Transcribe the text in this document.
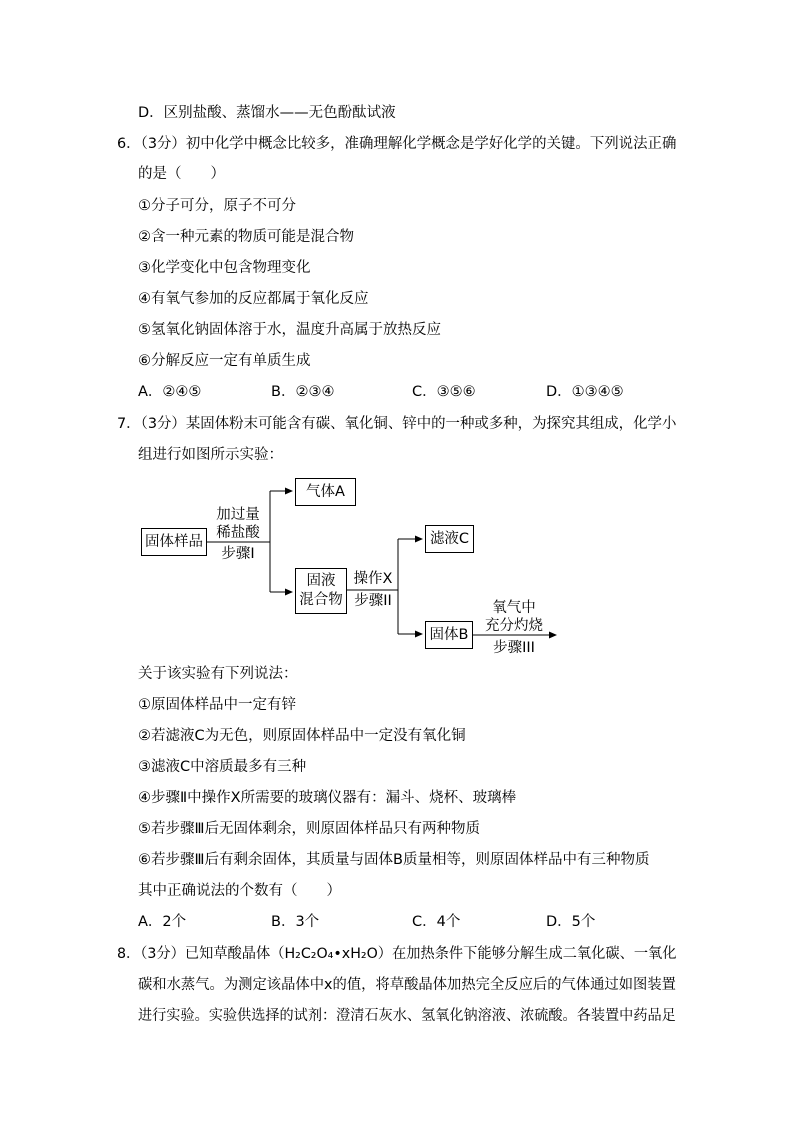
D．区别盐酸、蒸馏水——无色酚酞试液
6．（3分）初中化学中概念比较多，准确理解化学概念是学好化学的关键。下列说法正确
的是（　　）
①分子可分，原子不可分
②含一种元素的物质可能是混合物
③化学变化中包含物理变化
④有氧气参加的反应都属于氧化反应
⑤氢氧化钠固体溶于水，温度升高属于放热反应
⑥分解反应一定有单质生成
A．②④⑤	B．②③④	C．③⑤⑥	D．①③④⑤
7．（3分）某固体粉末可能含有碳、氧化铜、锌中的一种或多种，为探究其组成，化学小
组进行如图所示实验：
固体样品
气体A
固液
混合物
滤液C
固体B
加过量
稀盐酸
步骤I
操作X
步骤II	氧气中
充分灼烧
步骤III
关于该实验有下列说法：
①原固体样品中一定有锌
②若滤液C为无色，则原固体样品中一定没有氧化铜
③滤液C中溶质最多有三种
④步骤Ⅱ中操作X所需要的玻璃仪器有：漏斗、烧杯、玻璃棒
⑤若步骤Ⅲ后无固体剩余，则原固体样品只有两种物质
⑥若步骤Ⅲ后有剩余固体，其质量与固体B质量相等，则原固体样品中有三种物质
其中正确说法的个数有（　　）
A．2个	B．3个	C．4个	D．5个
8．（3分）已知草酸晶体（H₂C₂O₄•xH₂O）在加热条件下能够分解生成二氧化碳、一氧化
碳和水蒸气。为测定该晶体中x的值，将草酸晶体加热完全反应后的气体通过如图装置
进行实验。实验供选择的试剂：澄清石灰水、氢氧化钠溶液、浓硫酸。各装置中药品足
